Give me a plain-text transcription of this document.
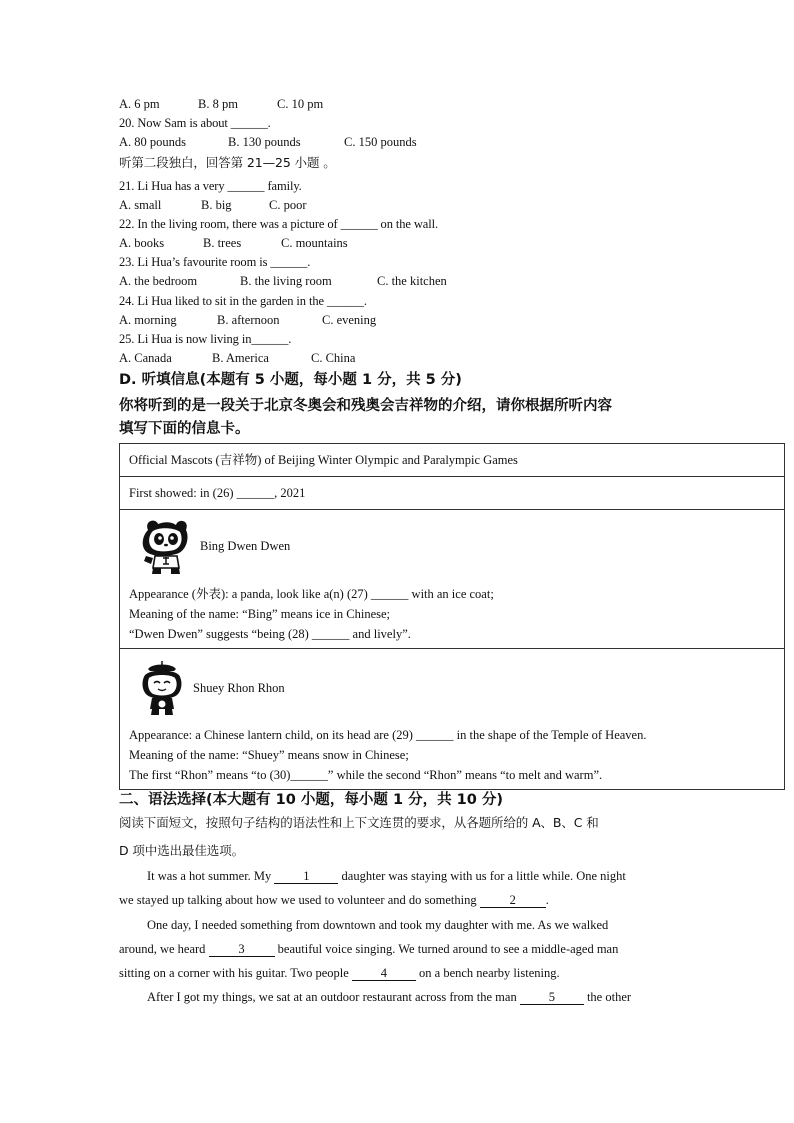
A. 6 pm	B. 8 pm	C. 10 pm
20. Now Sam is about ______.
A. 80 pounds	B. 130 pounds	C. 150 pounds
听第二段独白，回答第 21—25 小题 。
21. Li Hua has a very ______ family.
A. small	B. big	C. poor
22. In the living room, there was a picture of ______ on the wall.
A. books	B. trees	C. mountains
23. Li Hua’s favourite room is ______.
A. the bedroom	B. the living room	C. the kitchen
24. Li Hua liked to sit in the garden in the ______.
A. morning	B. afternoon	C. evening
25. Li Hua is now living in______.
A. Canada	B. America	C. China
D. 听填信息(本题有 5 小题，每小题 1 分，共 5 分)
你将听到的是一段关于北京冬奥会和残奥会吉祥物的介绍，请你根据所听内容
填写下面的信息卡。
Official Mascots (吉祥物) of Beijing Winter Olympic and Paralympic Games
First showed: in (26) ______, 2021

Bing Dwen Dwen
Appearance (外表): a panda, look like a(n) (27) ______ with an ice coat;
Meaning of the name: “Bing” means ice in Chinese;
“Dwen Dwen” suggests “being (28) ______ and lively”.

Shuey Rhon Rhon
Appearance: a Chinese lantern child, on its head are (29) ______ in the shape of the Temple of Heaven.
Meaning of the name: “Shuey” means snow in Chinese;
The first “Rhon” means “to (30)______” while the second “Rhon” means “to melt and warm”.
二、语法选择(本大题有 10 小题，每小题 1 分，共 10 分)
阅读下面短文，按照句子结构的语法性和上下文连贯的要求，从各题所给的 A、B、C 和
D 项中选出最佳选项。
It was a hot summer. My 1 daughter was staying with us for a little while. One night
we stayed up talking about how we used to volunteer and do something 2 .
One day, I needed something from downtown and took my daughter with me. As we walked
around, we heard 3 beautiful voice singing. We turned around to see a middle-aged man
sitting on a corner with his guitar. Two people 4 on a bench nearby listening.
After I got my things, we sat at an outdoor restaurant across from the man 5 the other
